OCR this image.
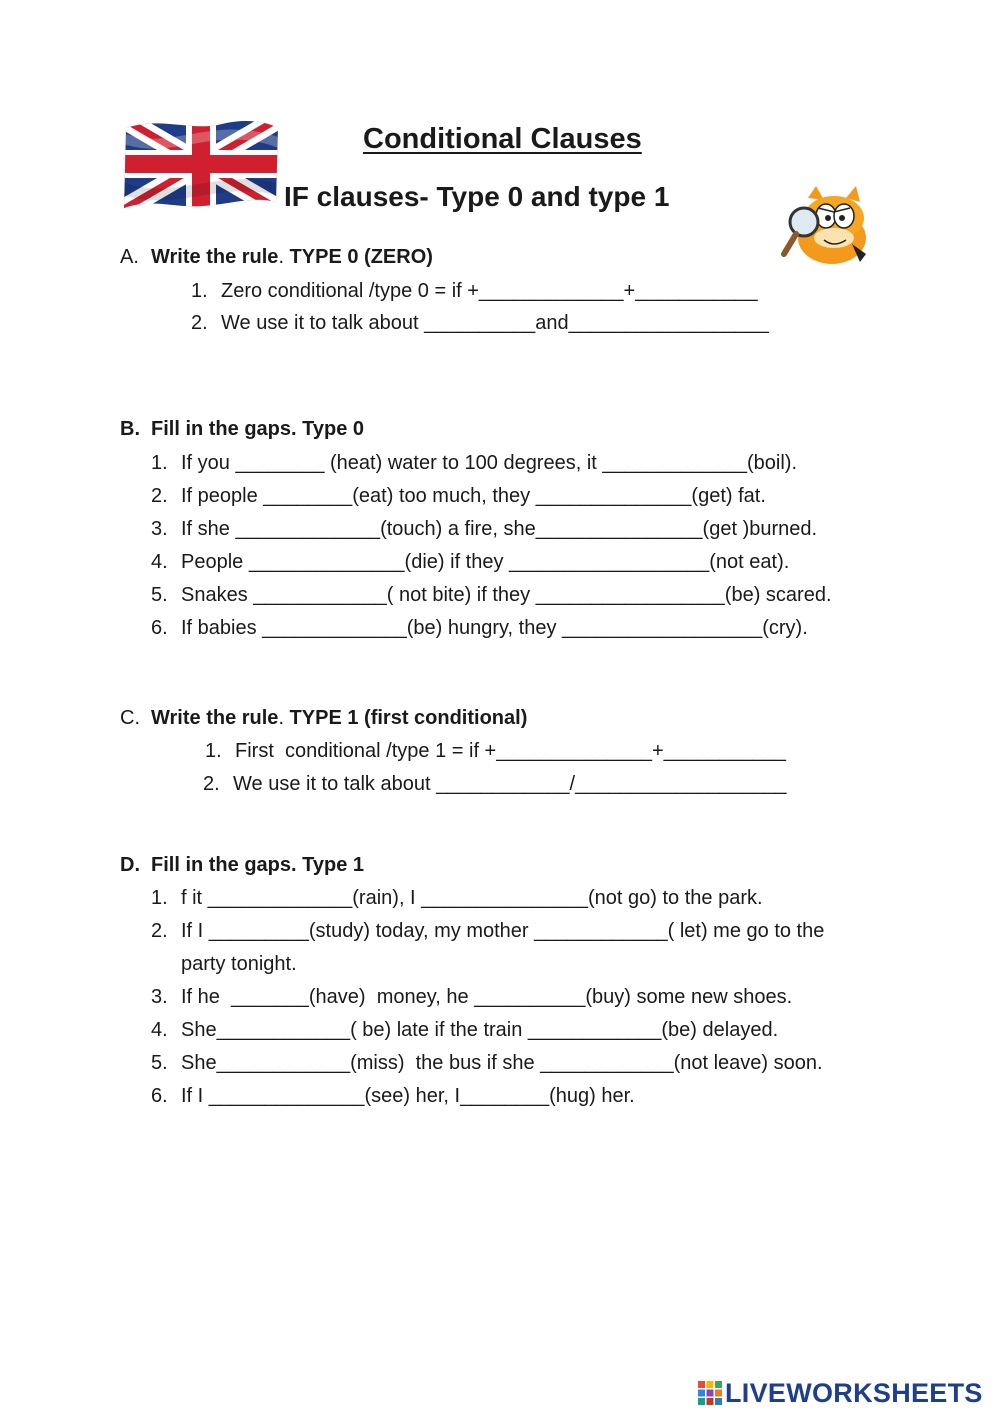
Conditional Clauses
IF clauses- Type 0 and type 1
A. Write the rule. TYPE 0 (ZERO)
1. Zero conditional /type 0 = if +_____________+___________
2. We use it to talk about __________and__________________
B. Fill in the gaps. Type 0
1. If you ________ (heat) water to 100 degrees, it _____________(boil).
2. If people ________(eat) too much, they ______________(get) fat.
3. If she _____________(touch) a fire, she_______________(get )burned.
4. People ______________(die) if they __________________(not eat).
5. Snakes ____________( not bite) if they _________________(be) scared.
6. If babies _____________(be) hungry, they __________________(cry).
C. Write the rule. TYPE 1 (first conditional)
1. First  conditional /type 1 = if +______________+___________
2. We use it to talk about ____________/___________________
D. Fill in the gaps. Type 1
1. f it _____________(rain), I _______________(not go) to the park.
2. If I _________(study) today, my mother ____________( let) me go to the
party tonight.
3. If he  _______(have)  money, he __________(buy) some new shoes.
4. She____________( be) late if the train ____________(be) delayed.
5. She____________(miss)  the bus if she ____________(not leave) soon.
6. If I ______________(see) her, I________(hug) her.
LIVEWORKSHEETS
